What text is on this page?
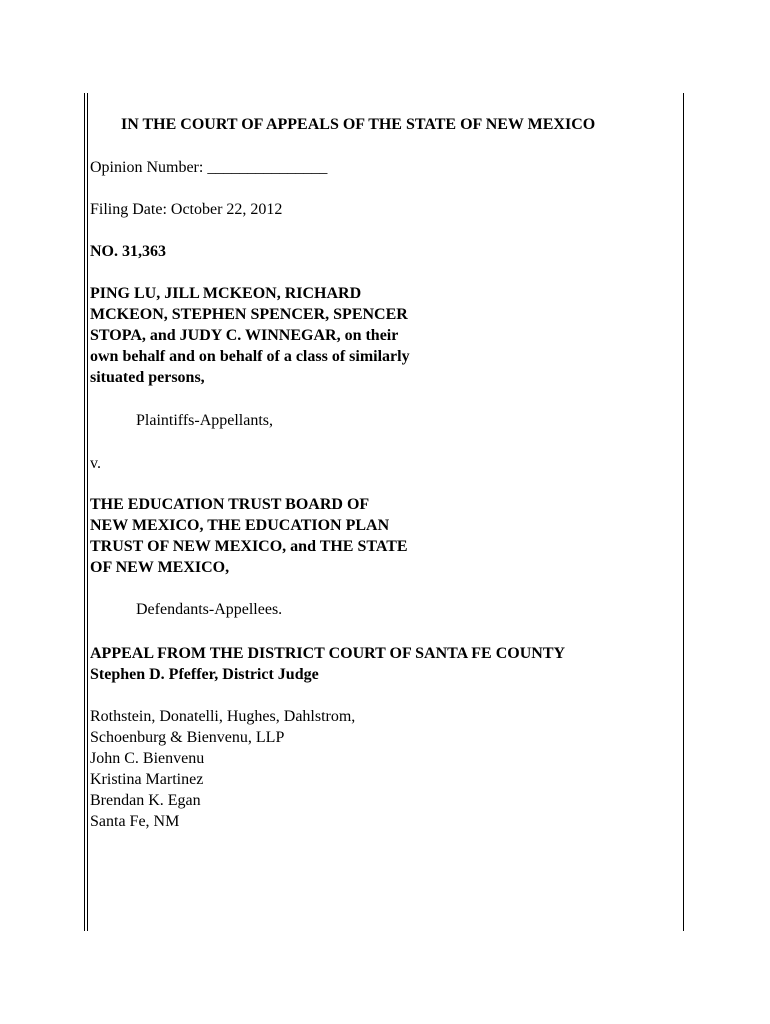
IN THE COURT OF APPEALS OF THE STATE OF NEW MEXICO
Opinion Number: _______________
Filing Date: October 22, 2012
NO. 31,363
PING LU, JILL MCKEON, RICHARD
MCKEON, STEPHEN SPENCER, SPENCER
STOPA, and JUDY C. WINNEGAR, on their
own behalf and on behalf of a class of similarly
situated persons,
Plaintiffs-Appellants,
v.
THE EDUCATION TRUST BOARD OF
NEW MEXICO, THE EDUCATION PLAN
TRUST OF NEW MEXICO, and THE STATE
OF NEW MEXICO,
Defendants-Appellees.
APPEAL FROM THE DISTRICT COURT OF SANTA FE COUNTY
Stephen D. Pfeffer, District Judge
Rothstein, Donatelli, Hughes, Dahlstrom,
Schoenburg & Bienvenu, LLP
John C. Bienvenu
Kristina Martinez
Brendan K. Egan
Santa Fe, NM
